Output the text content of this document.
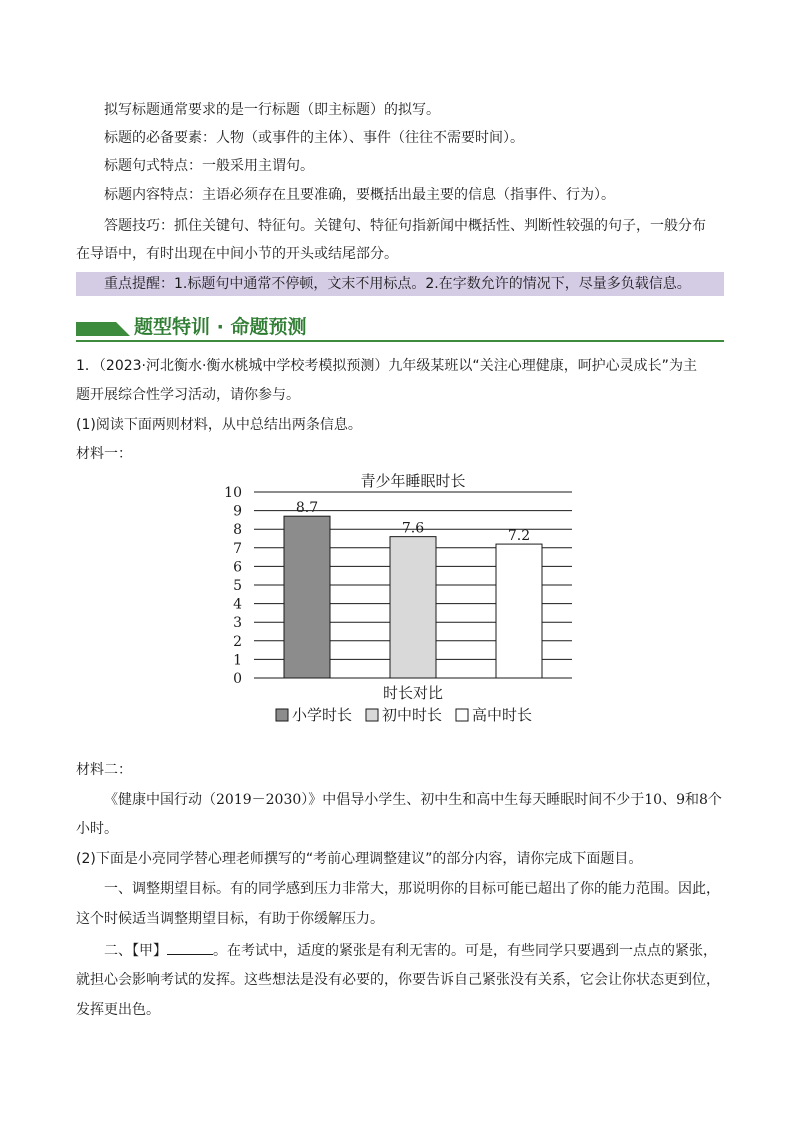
拟写标题通常要求的是一行标题（即主标题）的拟写。
标题的必备要素：人物（或事件的主体）、事件（往往不需要时间）。
标题句式特点：一般采用主谓句。
标题内容特点：主语必须存在且要准确，要概括出最主要的信息（指事件、行为）。
答题技巧：抓住关键句、特征句。关键句、特征句指新闻中概括性、判断性较强的句子，一般分布
在导语中，有时出现在中间小节的开头或结尾部分。
重点提醒：1.标题句中通常不停顿，文末不用标点。2.在字数允许的情况下，尽量多负载信息。
题型特训 · 命题预测
1．（2023·河北衡水·衡水桃城中学校考模拟预测）九年级某班以“关注心理健康，呵护心灵成长”为主
题开展综合性学习活动，请你参与。
(1)阅读下面两则材料，从中总结出两条信息。
材料一：
青少年睡眠时长
0
1
2
3
4
5
6
7
8
9
10
8.7
7.6	7.2
时长对比
小学时长 初中时长 高中时长
材料二：
《健康中国行动（2019－2030）》中倡导小学生、初中生和高中生每天睡眠时间不少于10、9和8个
小时。
(2)下面是小亮同学替心理老师撰写的“考前心理调整建议”的部分内容，请你完成下面题目。
一、调整期望目标。有的同学感到压力非常大，那说明你的目标可能已超出了你的能力范围。因此，
这个时候适当调整期望目标，有助于你缓解压力。
二、【甲】	。在考试中，适度的紧张是有利无害的。可是，有些同学只要遇到一点点的紧张，
就担心会影响考试的发挥。这些想法是没有必要的，你要告诉自己紧张没有关系，它会让你状态更到位，
发挥更出色。
